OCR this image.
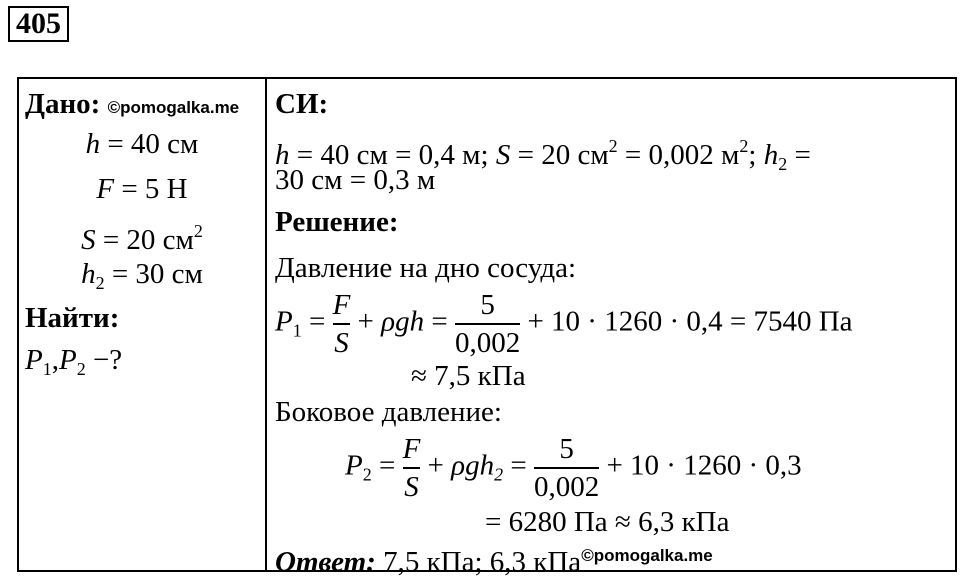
405
Дано: ©pomogalka.me
h = 40 см
F = 5 Н
S = 20 $см^2$
$h_2 = 30$ см
Найти:
$P_1,P_2$ −?
СИ:
h = 40 см = 0,4 м; S = 20 $см^2 = 0,002$ $м^2$; $h_2$ =
30 см = 0,3 м
Решение:
Давление на дно сосуда:
$P_1 = \frac{F}{S} + \rho gh = \frac{5}{0,002} + 10 \cdot 1260 \cdot 0,4 = 7540$ Па
≈ 7,5 кПа
Боковое давление:
$P_2 = \frac{F}{S} + \rho gh_2 = \frac{5}{0,002} + 10 \cdot 1260 \cdot 0,3$
= 6280 Па ≈ 6,3 кПа
Ответ: 7,5 кПа; 6,3 кПа$^{©pomogalka.me}$
